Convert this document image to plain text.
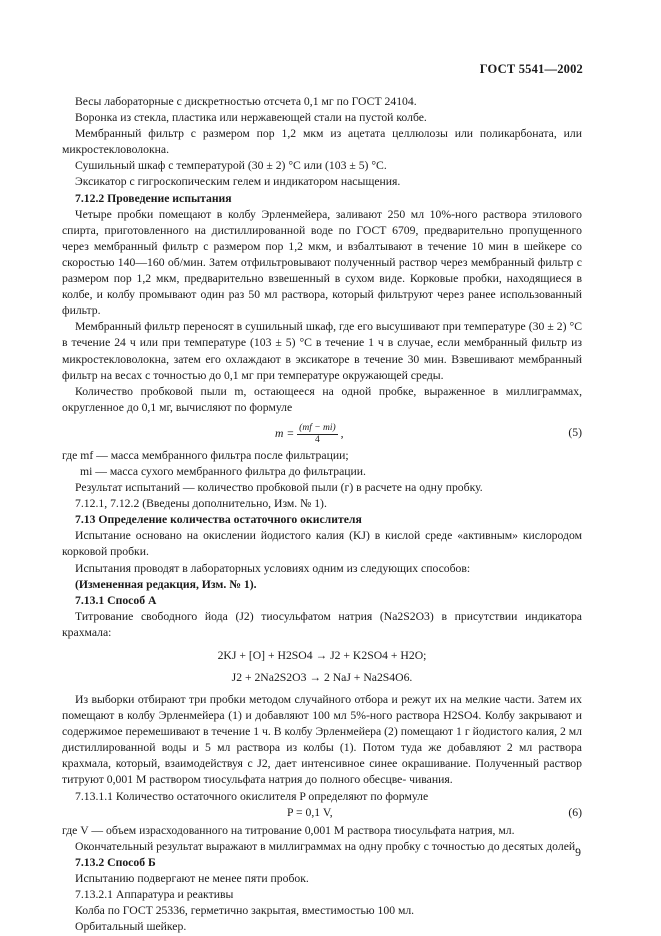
ГОСТ 5541—2002

Весы лабораторные с дискретностью отсчета 0,1 мг по ГОСТ 24104.

Воронка из стекла, пластика или нержавеющей стали на пустой колбе.

Мембранный фильтр с размером пор 1,2 мкм из ацетата целлюлозы или поликарбоната, или микростекловолокна.

Сушильный шкаф с температурой (30 ± 2) °С или (103 ± 5) °С.

Эксикатор с гигроскопическим гелем и индикатором насыщения.

7.12.2 Проведение испытания

Четыре пробки помещают в колбу Эрленмейера, заливают 250 мл 10%-ного раствора этилового спирта, приготовленного на дистиллированной воде по ГОСТ 6709, предварительно пропущенного через мембранный фильтр с размером пор 1,2 мкм, и взбалтывают в течение 10 мин в шейкере со скоростью 140—160 об/мин. Затем отфильтровывают полученный раствор через мембранный фильтр с размером пор 1,2 мкм, предварительно взвешенный в сухом виде. Корковые пробки, находящиеся в колбе, и колбу промывают один раз 50 мл раствора, который фильтруют через ранее использованный фильтр.

Мембранный фильтр переносят в сушильный шкаф, где его высушивают при температуре (30 ± 2) °С в течение 24 ч или при температуре (103 ± 5) °С в течение 1 ч в случае, если мембранный фильтр из микростекловолокна, затем его охлаждают в эксикаторе в течение 30 мин. Взвешивают мембранный фильтр на весах с точностью до 0,1 мг при температуре окружающей среды.

Количество пробковой пыли m, остающееся на одной пробке, выраженное в миллиграммах, округленное до 0,1 мг, вычисляют по формуле

$m = \frac{(mf - mi)}{4}$ ,	(5)

где mf — масса мембранного фильтра после фильтрации;

mi — масса сухого мембранного фильтра до фильтрации.

Результат испытаний — количество пробковой пыли (г) в расчете на одну пробку.

7.12.1, 7.12.2 (Введены дополнительно, Изм. № 1).

7.13 Определение количества остаточного окислителя

Испытание основано на окислении йодистого калия (KJ) в кислой среде «активным» кислородом корковой пробки.

Испытания проводят в лабораторных условиях одним из следующих способов:

(Измененная редакция, Изм. № 1).

7.13.1 Способ А

Титрование свободного йода (J2) тиосульфатом натрия (Na2S2O3) в присутствии индикатора крахмала:

2KJ + [O] + H2SO4 → J2 + K2SO4 + H2O;
J2 + 2Na2S2O3 → 2 NaJ + Na2S4O6.

Из выборки отбирают три пробки методом случайного отбора и режут их на мелкие части. Затем их помещают в колбу Эрленмейера (1) и добавляют 100 мл 5%-ного раствора H2SO4. Колбу закрывают и содержимое перемешивают в течение 1 ч. В колбу Эрленмейера (2) помещают 1 г йодистого калия, 2 мл дистиллированной воды и 5 мл раствора из колбы (1). Потом туда же добавляют 2 мл раствора крахмала, который, взаимодействуя с J2, дает интенсивное синее окрашивание. Полученный раствор титруют 0,001 М раствором тиосульфата натрия до полного обесцве- чивания.

7.13.1.1 Количество остаточного окислителя P определяют по формуле

P = 0,1 V,	(6)

где V — объем израсходованного на титрование 0,001 М раствора тиосульфата натрия, мл.

Окончательный результат выражают в миллиграммах на одну пробку с точностью до десятых долей.

7.13.2 Способ Б

Испытанию подвергают не менее пяти пробок.

7.13.2.1 Аппаратура и реактивы

Колба по ГОСТ 25336, герметично закрытая, вместимостью 100 мл.

Орбитальный шейкер.

9
